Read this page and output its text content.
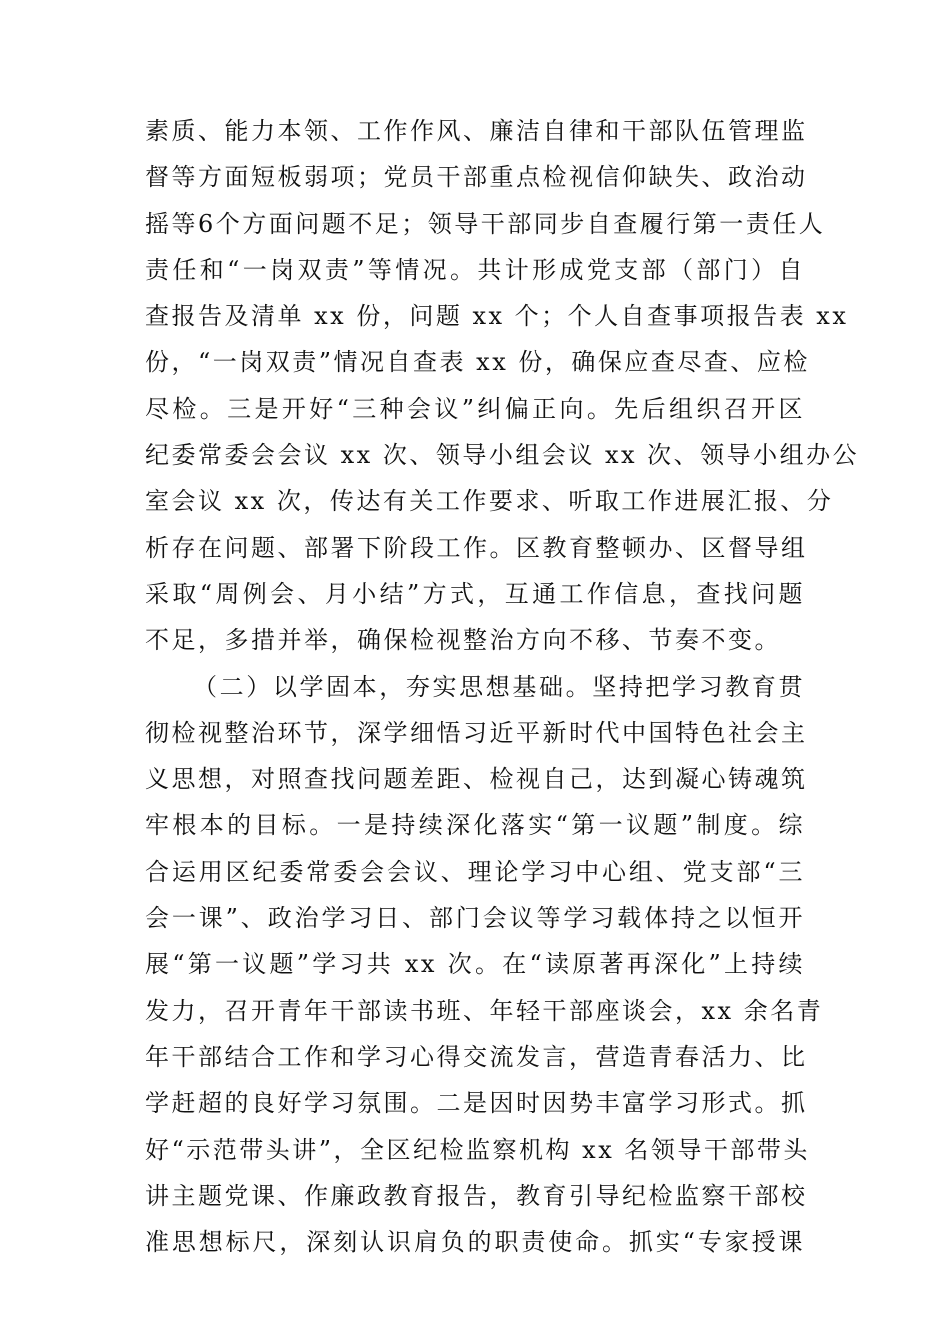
素质、能力本领、工作作风、廉洁自律和干部队伍管理监
督等方面短板弱项；党员干部重点检视信仰缺失、政治动
摇等6个方面问题不足；领导干部同步自查履行第一责任人
责任和“一岗双责”等情况。共计形成党支部（部门）自
查报告及清单 xx 份，问题 xx 个；个人自查事项报告表 xx
份，“一岗双责”情况自查表 xx 份，确保应查尽查、应检
尽检。三是开好“三种会议”纠偏正向。先后组织召开区
纪委常委会会议 xx 次、领导小组会议 xx 次、领导小组办公
室会议 xx 次，传达有关工作要求、听取工作进展汇报、分
析存在问题、部署下阶段工作。区教育整顿办、区督导组
采取“周例会、月小结”方式，互通工作信息，查找问题
不足，多措并举，确保检视整治方向不移、节奏不变。

（二）以学固本，夯实思想基础。坚持把学习教育贯
彻检视整治环节，深学细悟习近平新时代中国特色社会主
义思想，对照查找问题差距、检视自己，达到凝心铸魂筑
牢根本的目标。一是持续深化落实“第一议题”制度。综
合运用区纪委常委会会议、理论学习中心组、党支部“三
会一课”、政治学习日、部门会议等学习载体持之以恒开
展“第一议题”学习共 xx 次。在“读原著再深化”上持续
发力，召开青年干部读书班、年轻干部座谈会，xx 余名青
年干部结合工作和学习心得交流发言，营造青春活力、比
学赶超的良好学习氛围。二是因时因势丰富学习形式。抓
好“示范带头讲”，全区纪检监察机构 xx 名领导干部带头
讲主题党课、作廉政教育报告，教育引导纪检监察干部校
准思想标尺，深刻认识肩负的职责使命。抓实“专家授课
